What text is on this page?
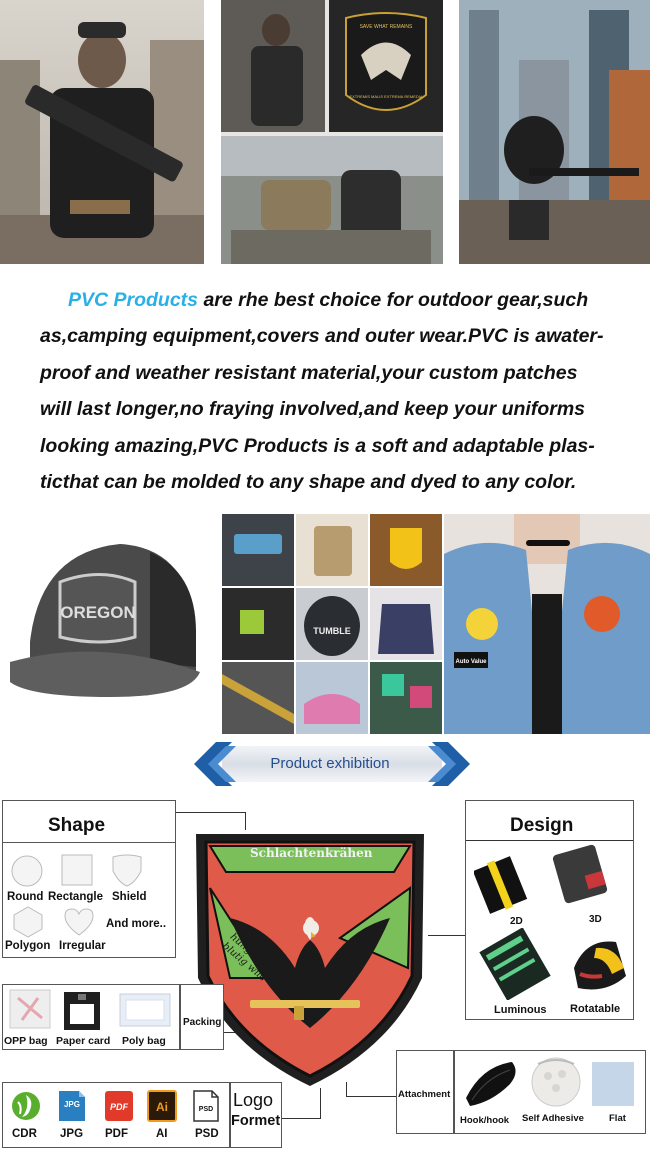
SAVE WHAT REMAINS
EXTREMIS MALIS EXTREMA REMEDIA
PVC Products are rhe best choice for outdoor gear,such
as,camping equipment,covers and outer wear.PVC is awater-
proof and weather resistant material,your custom patches
will last longer,no fraying involved,and keep your uniforms
looking amazing,PVC Products is a soft and adaptable plas-
ticthat can be molded to any shape and dyed to any color.
OREGON
TUMBLE
Auto Value
Product exhibition
Shape
Round Rectangle Shield
Polygon Irregular
And more..
Schlachtenkrähen
hungrig blutig wild
Design
2D	3D
Luminous Rotatable
Packing
OPP bag Paper card Poly bag
Logo
Formet
JPG	PDF Ai	PSD
CDR JPG PDF AI PSD
Attachment
Hook/hook Self Adhesive	Flat
